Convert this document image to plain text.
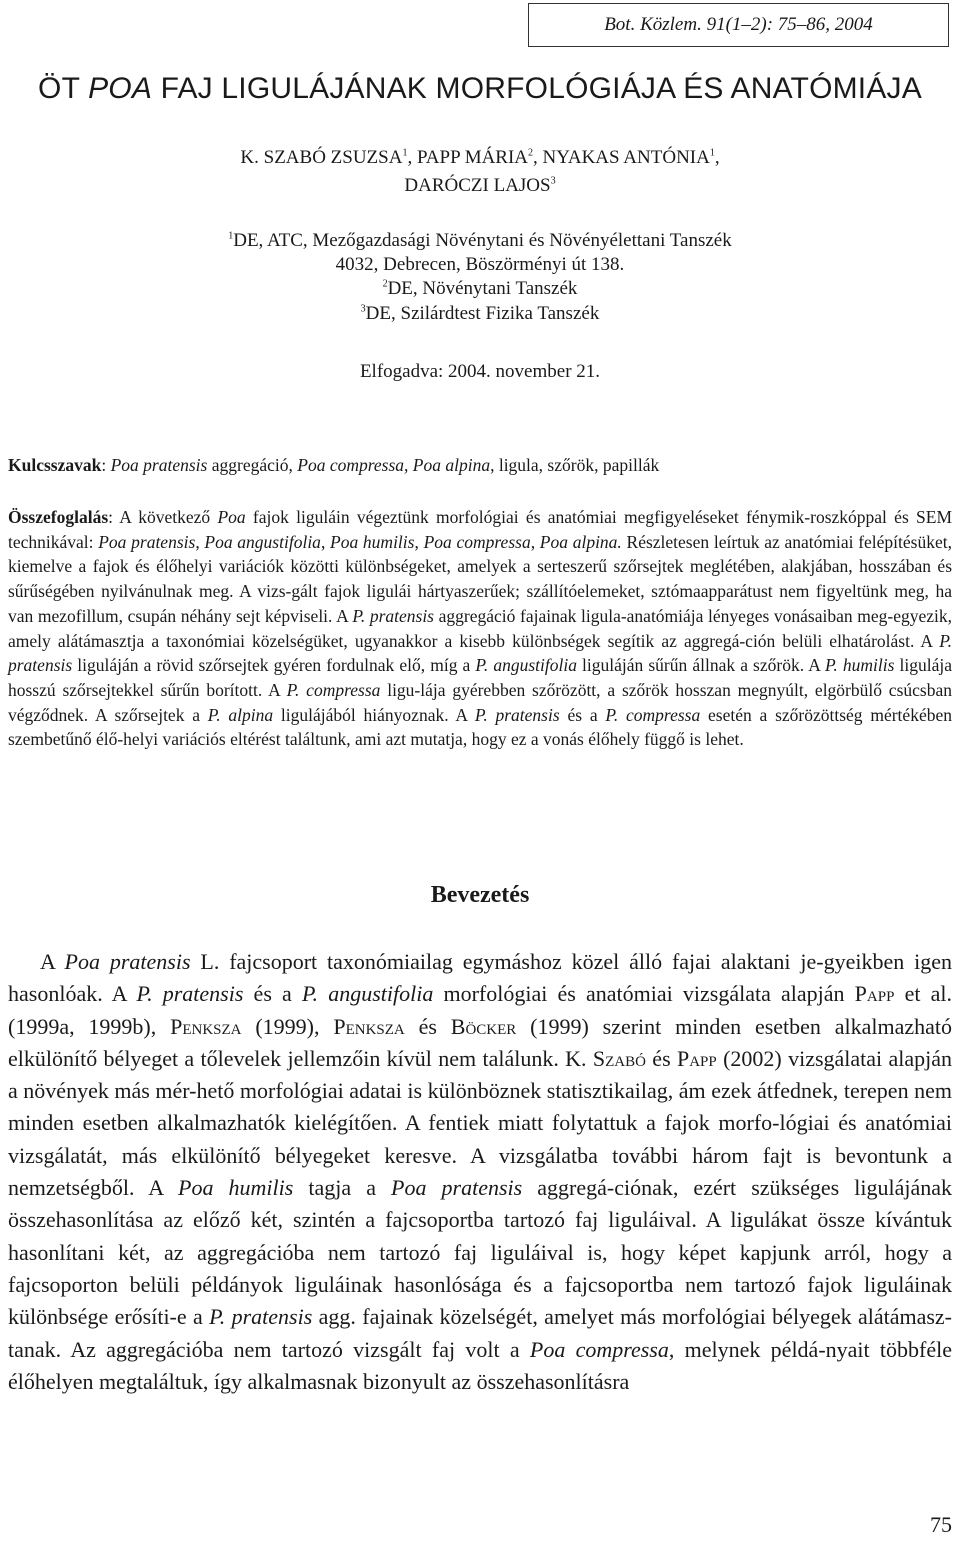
Bot. Közlem. 91(1–2): 75–86, 2004
ÖT POA FAJ LIGULÁJÁNAK MORFOLÓGIÁJA ÉS ANATÓMIÁJA
K. SZABÓ ZSUZSA$^1$, PAPP MÁRIA$^2$, NYAKAS ANTÓNIA$^1$,
DARÓCZI LAJOS$^3$
$^1$DE, ATC, Mezőgazdasági Növénytani és Növényélettani Tanszék
4032, Debrecen, Böszörményi út 138.
$^2$DE, Növénytani Tanszék
$^3$DE, Szilárdtest Fizika Tanszék
Elfogadva: 2004. november 21.
Kulcsszavak: Poa pratensis aggregáció, Poa compressa, Poa alpina, ligula, szőrök, papillák
Összefoglalás: A következő Poa fajok liguláin végeztünk morfológiai és anatómiai megfigyeléseket fénymik-roszkóppal és SEM technikával: Poa pratensis, Poa angustifolia, Poa humilis, Poa compressa, Poa alpina. Részletesen leírtuk az anatómiai felépítésüket, kiemelve a fajok és élőhelyi variációk közötti különbségeket, amelyek a serteszerű szőrsejtek meglétében, alakjában, hosszában és sűrűségében nyilvánulnak meg. A vizs-gált fajok ligulái hártyaszerűek; szállítóelemeket, sztómaapparátust nem figyeltünk meg, ha van mezofillum, csupán néhány sejt képviseli. A P. pratensis aggregáció fajainak ligula-anatómiája lényeges vonásaiban meg-egyezik, amely alátámasztja a taxonómiai közelségüket, ugyanakkor a kisebb különbségek segítik az aggregá-ción belüli elhatárolást. A P. pratensis liguláján a rövid szőrsejtek gyéren fordulnak elő, míg a P. angustifolia liguláján sűrűn állnak a szőrök. A P. humilis ligulája hosszú szőrsejtekkel sűrűn borított. A P. compressa ligu-lája gyérebben szőrözött, a szőrök hosszan megnyúlt, elgörbülő csúcsban végződnek. A szőrsejtek a P. alpina ligulájából hiányoznak. A P. pratensis és a P. compressa esetén a szőrözöttség mértékében szembetűnő élő-helyi variációs eltérést találtunk, ami azt mutatja, hogy ez a vonás élőhely függő is lehet.
Bevezetés

A Poa pratensis L. fajcsoport taxonómiailag egymáshoz közel álló fajai alaktani je-gyeikben igen hasonlóak. A P. pratensis és a P. angustifolia morfológiai és anatómiai vizsgálata alapján Papp et al. (1999a, 1999b), Penksza (1999), Penksza és Böcker (1999) szerint minden esetben alkalmazható elkülönítő bélyeget a tőlevelek jellemzőin kívül nem találunk. K. Szabó és Papp (2002) vizsgálatai alapján a növények más mér-hető morfológiai adatai is különböznek statisztikailag, ám ezek átfednek, terepen nem minden esetben alkalmazhatók kielégítően. A fentiek miatt folytattuk a fajok morfo-lógiai és anatómiai vizsgálatát, más elkülönítő bélyegeket keresve. A vizsgálatba további három fajt is bevontunk a nemzetségből. A Poa humilis tagja a Poa pratensis aggregá-ciónak, ezért szükséges ligulájának összehasonlítása az előző két, szintén a fajcsoportba tartozó faj liguláival. A ligulákat össze kívántuk hasonlítani két, az aggregációba nem tartozó faj liguláival is, hogy képet kapjunk arról, hogy a fajcsoporton belüli példányok liguláinak hasonlósága és a fajcsoportba nem tartozó fajok liguláinak különbsége erősíti-e a P. pratensis agg. fajainak közelségét, amelyet más morfológiai bélyegek alátámasz-tanak. Az aggregációba nem tartozó vizsgált faj volt a Poa compressa, melynek példá-nyait többféle élőhelyen megtaláltuk, így alkalmasnak bizonyult az összehasonlításra

75
